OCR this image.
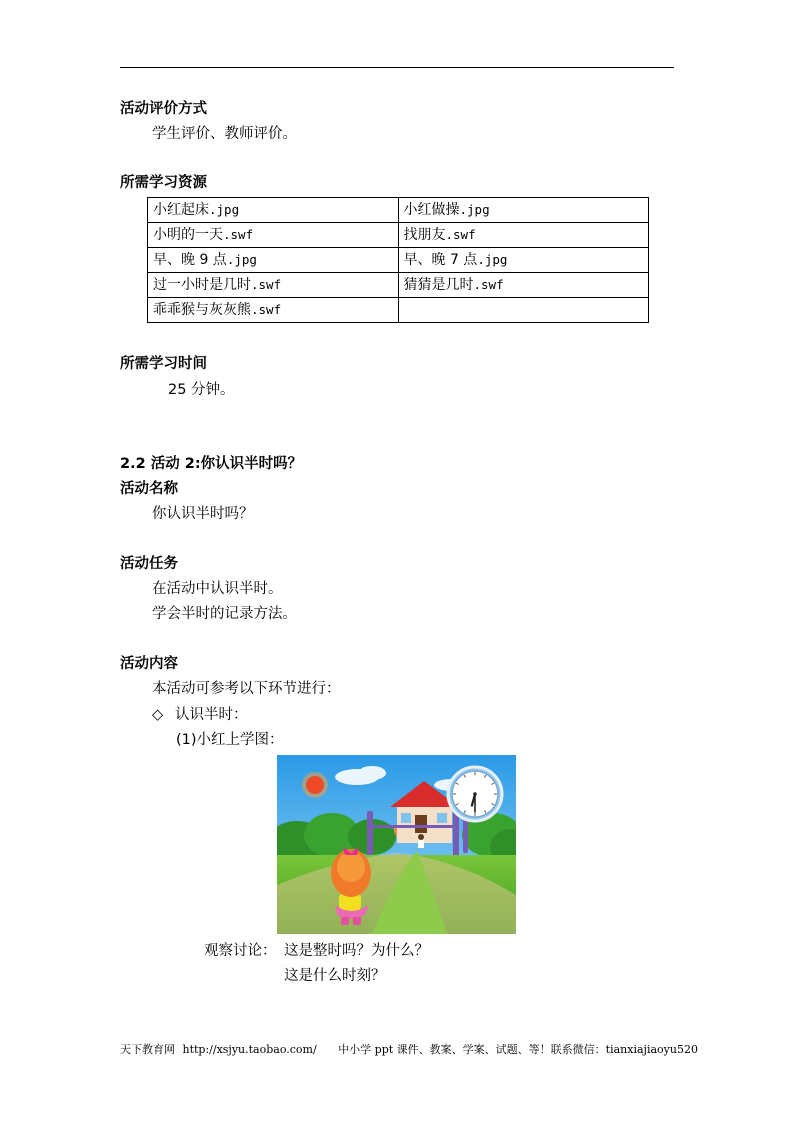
活动评价方式
学生评价、教师评价。
所需学习资源
小红起床.jpg	小红做操.jpg
小明的一天.swf	找朋友.swf
早、晚 9 点.jpg	早、晚 7 点.jpg
过一小时是几时.swf	猜猜是几时.swf
乖乖猴与灰灰熊.swf	
所需学习时间
25 分钟。
2.2 活动 2:你认识半时吗？
活动名称
你认识半时吗？
活动任务
在活动中认识半时。
学会半时的记录方法。
活动内容
本活动可参考以下环节进行：
◇ 认识半时：
(1)小红上学图：
观察讨论： 这是整时吗？为什么？
这是什么时刻？
天下教育网 http://xsjyu.taobao.com/ 中小学 ppt 课件、教案、学案、试题、等！联系微信：tianxiajiaoyu520
